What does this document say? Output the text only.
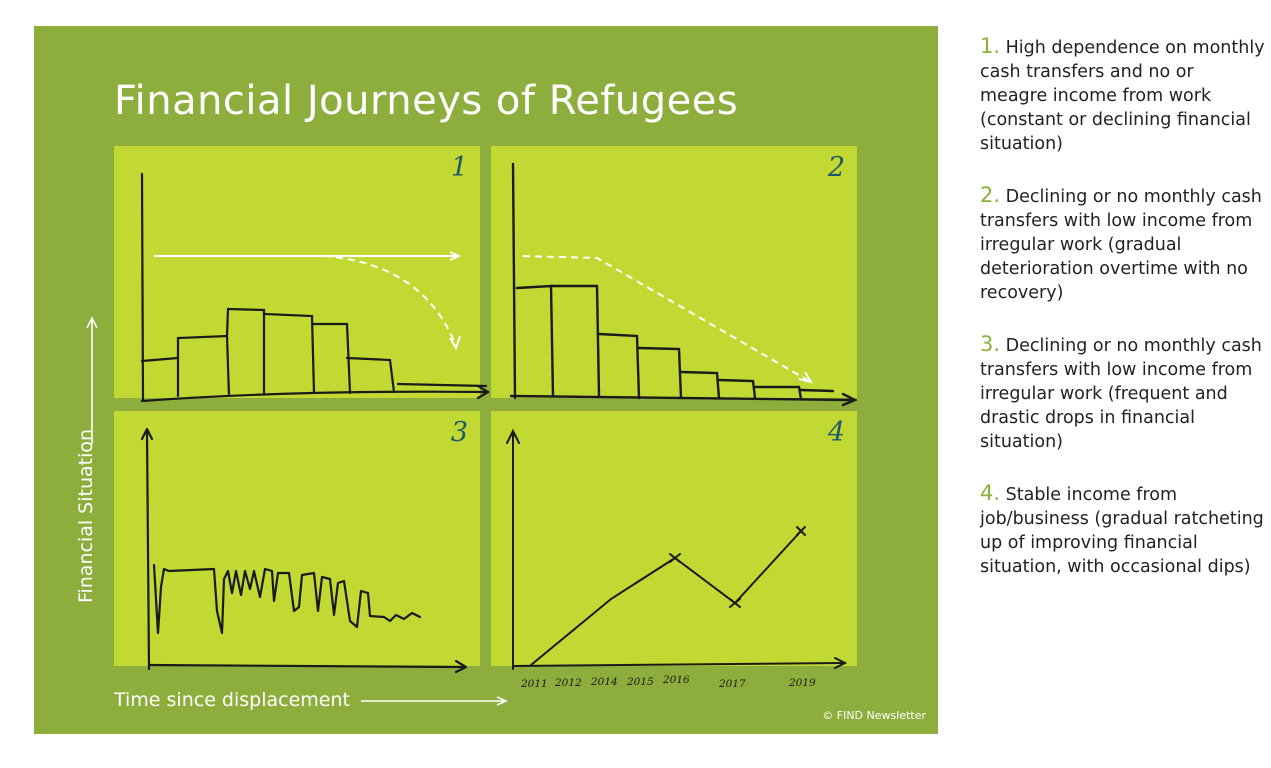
Financial Journeys of Refugees
1	2
3
2011 2012 2014 2015 2016	2017	2019
4
Financial Situation
Time since displacement
© FIND Newsletter
1. High dependence on monthly cash transfers and no or meagre income from work (constant or declining financial situation)
2. Declining or no monthly cash transfers with low income from irregular work (gradual deterioration overtime with no recovery)
3. Declining or no monthly cash transfers with low income from irregular work (frequent and drastic drops in financial situation)
4. Stable income from job/business (gradual ratcheting up of improving financial situation, with occasional dips)
